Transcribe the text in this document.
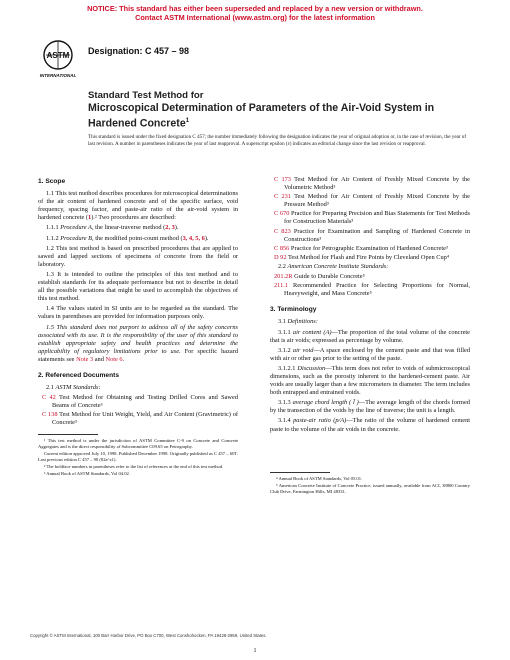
NOTICE: This standard has either been superseded and replaced by a new version or withdrawn.
Contact ASTM International (www.astm.org) for the latest information
ASTM
INTERNATIONAL
Designation: C 457 – 98
Standard Test Method for
Microscopical Determination of Parameters of the Air-Void System in Hardened Concrete$^1$
This standard is issued under the fixed designation C 457; the number immediately following the designation indicates the year of original adoption or, in the case of revision, the year of last revision. A number in parentheses indicates the year of last reapproval. A superscript epsilon (ε) indicates an editorial change since the last revision or reapproval.
1. Scope

1.1 This test method describes procedures for microscopical determinations of the air content of hardened concrete and of the specific surface, void frequency, spacing factor, and paste-air ratio of the air-void system in hardened concrete (1).² Two procedures are described:

1.1.1 Procedure A, the linear-traverse method (2, 3).

1.1.2 Procedure B, the modified point-count method (3, 4, 5, 6).

1.2 This test method is based on prescribed procedures that are applied to sawed and lapped sections of specimens of concrete from the field or laboratory.

1.3 It is intended to outline the principles of this test method and to establish standards for its adequate performance but not to describe in detail all the possible variations that might be used to accomplish the objectives of this test method.

1.4 The values stated in SI units are to be regarded as the standard. The values in parentheses are provided for information purposes only.

1.5 This standard does not purport to address all of the safety concerns associated with its use. It is the responsibility of the user of this standard to establish appropriate safety and health practices and determine the applicability of regulatory limitations prior to use. For specific hazard statements see Note 3 and Note 6.

2. Referenced Documents

2.1 ASTM Standards:

C 42 Test Method for Obtaining and Testing Drilled Cores and Sawed Beams of Concrete³

C 138 Test Method for Unit Weight, Yield, and Air Content (Gravimetric) of Concrete³

¹ This test method is under the jurisdiction of ASTM Committee C-9 on Concrete and Concrete Aggregates and is the direct responsibility of Subcommittee C09.65 on Petrography.

Current edition approved July 10, 1998. Published December 1998. Originally published as C 457 – 60T. Last previous edition C 457 – 90 (82a^ε1).

² The boldface numbers in parentheses refer to the list of references at the end of this test method.

³ Annual Book of ASTM Standards, Vol 04.02.

C 173 Test Method for Air Content of Freshly Mixed Concrete by the Volumetric Method³

C 231 Test Method for Air Content of Freshly Mixed Concrete by the Pressure Method³

C 670 Practice for Preparing Precision and Bias Statements for Test Methods for Construction Materials³

C 823 Practice for Examination and Sampling of Hardened Concrete in Constructions³

C 856 Practice for Petrographic Examination of Hardened Concrete³

D 92 Test Method for Flash and Fire Points by Cleveland Open Cup⁴

2.2 American Concrete Institute Standards:

201.2R Guide to Durable Concrete⁵

211.1 Recommended Practice for Selecting Proportions for Normal, Heavyweight, and Mass Concrete⁵

3. Terminology

3.1 Definitions:

3.1.1 air content (A)—The proportion of the total volume of the concrete that is air voids; expressed as percentage by volume.

3.1.2 air void—A space enclosed by the cement paste and that was filled with air or other gas prior to the setting of the paste.

3.1.2.1 Discussion—This term does not refer to voids of submicroscopical dimensions, such as the porosity inherent to the hardened-cement paste. Air voids are usually larger than a few micrometers in diameter. The term includes both entrapped and entrained voids.

3.1.3 average chord length ( l̄ )—The average length of the chords formed by the transection of the voids by the line of traverse; the unit is a length.

3.1.4 paste-air ratio (p/A)—The ratio of the volume of hardened cement paste to the volume of the air voids in the concrete.

⁴ Annual Book of ASTM Standards, Vol 05.01.

⁵ American Concrete Institute of Concrete Practice, issued annually, available from ACI, 38800 Country Club Drive, Farmington Hills, MI 48331.

Copyright © ASTM International, 100 Barr Harbor Drive, PO Box C700, West Conshohocken, PA 19428-2959, United States.
1
